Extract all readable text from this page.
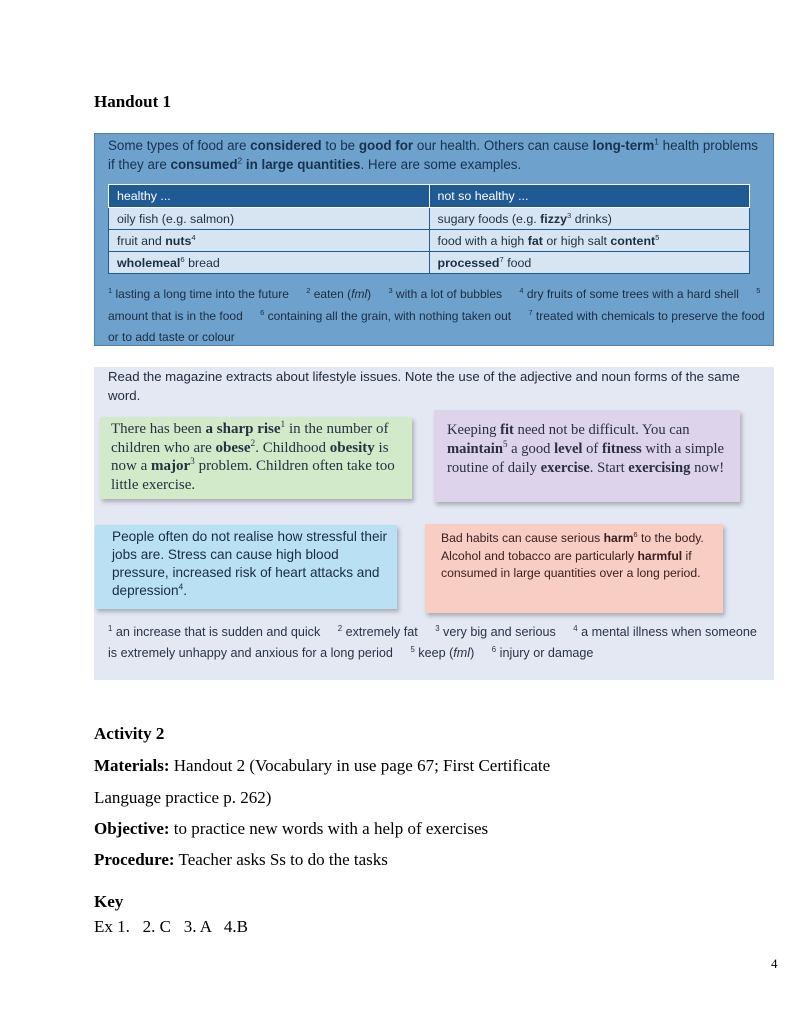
Handout 1
Some types of food are considered to be good for our health. Others can cause long-term$^1$ health problems if they are consumed$^2$ in large quantities. Here are some examples.
healthy ...	not so healthy ...
oily fish (e.g. salmon)	sugary foods (e.g. fizzy$^3$ drinks)
fruit and nuts$^4$	food with a high fat or high salt content$^5$
wholemeal$^6$ bread	processed$^7$ food
$^1$ lasting a long time into the future $^2$ eaten (fml) $^3$ with a lot of bubbles $^4$ dry fruits of some trees with a hard shell $^5$ amount that is in the food $^6$ containing all the grain, with nothing taken out $^7$ treated with chemicals to preserve the food or to add taste or colour
Read the magazine extracts about lifestyle issues. Note the use of the adjective and noun forms of the same word.
There has been a sharp rise$^1$ in the number of children who are obese$^2$. Childhood obesity is now a major$^3$ problem. Children often take too little exercise.
Keeping fit need not be difficult. You can maintain$^5$ a good level of fitness with a simple routine of daily exercise. Start exercising now!
People often do not realise how stressful their jobs are. Stress can cause high blood pressure, increased risk of heart attacks and depression$^4$.
Bad habits can cause serious harm$^6$ to the body. Alcohol and tobacco are particularly harmful if consumed in large quantities over a long period.
$^1$ an increase that is sudden and quick $^2$ extremely fat $^3$ very big and serious $^4$ a mental illness when someone is extremely unhappy and anxious for a long period $^5$ keep (fml) $^6$ injury or damage
Activity 2
Materials: Handout 2 (Vocabulary in use page 67; First Certificate
Language practice p. 262)
Objective: to practice new words with a help of exercises
Procedure: Teacher asks Ss to do the tasks
Key
Ex 1.   2. C   3. A   4.B
4
